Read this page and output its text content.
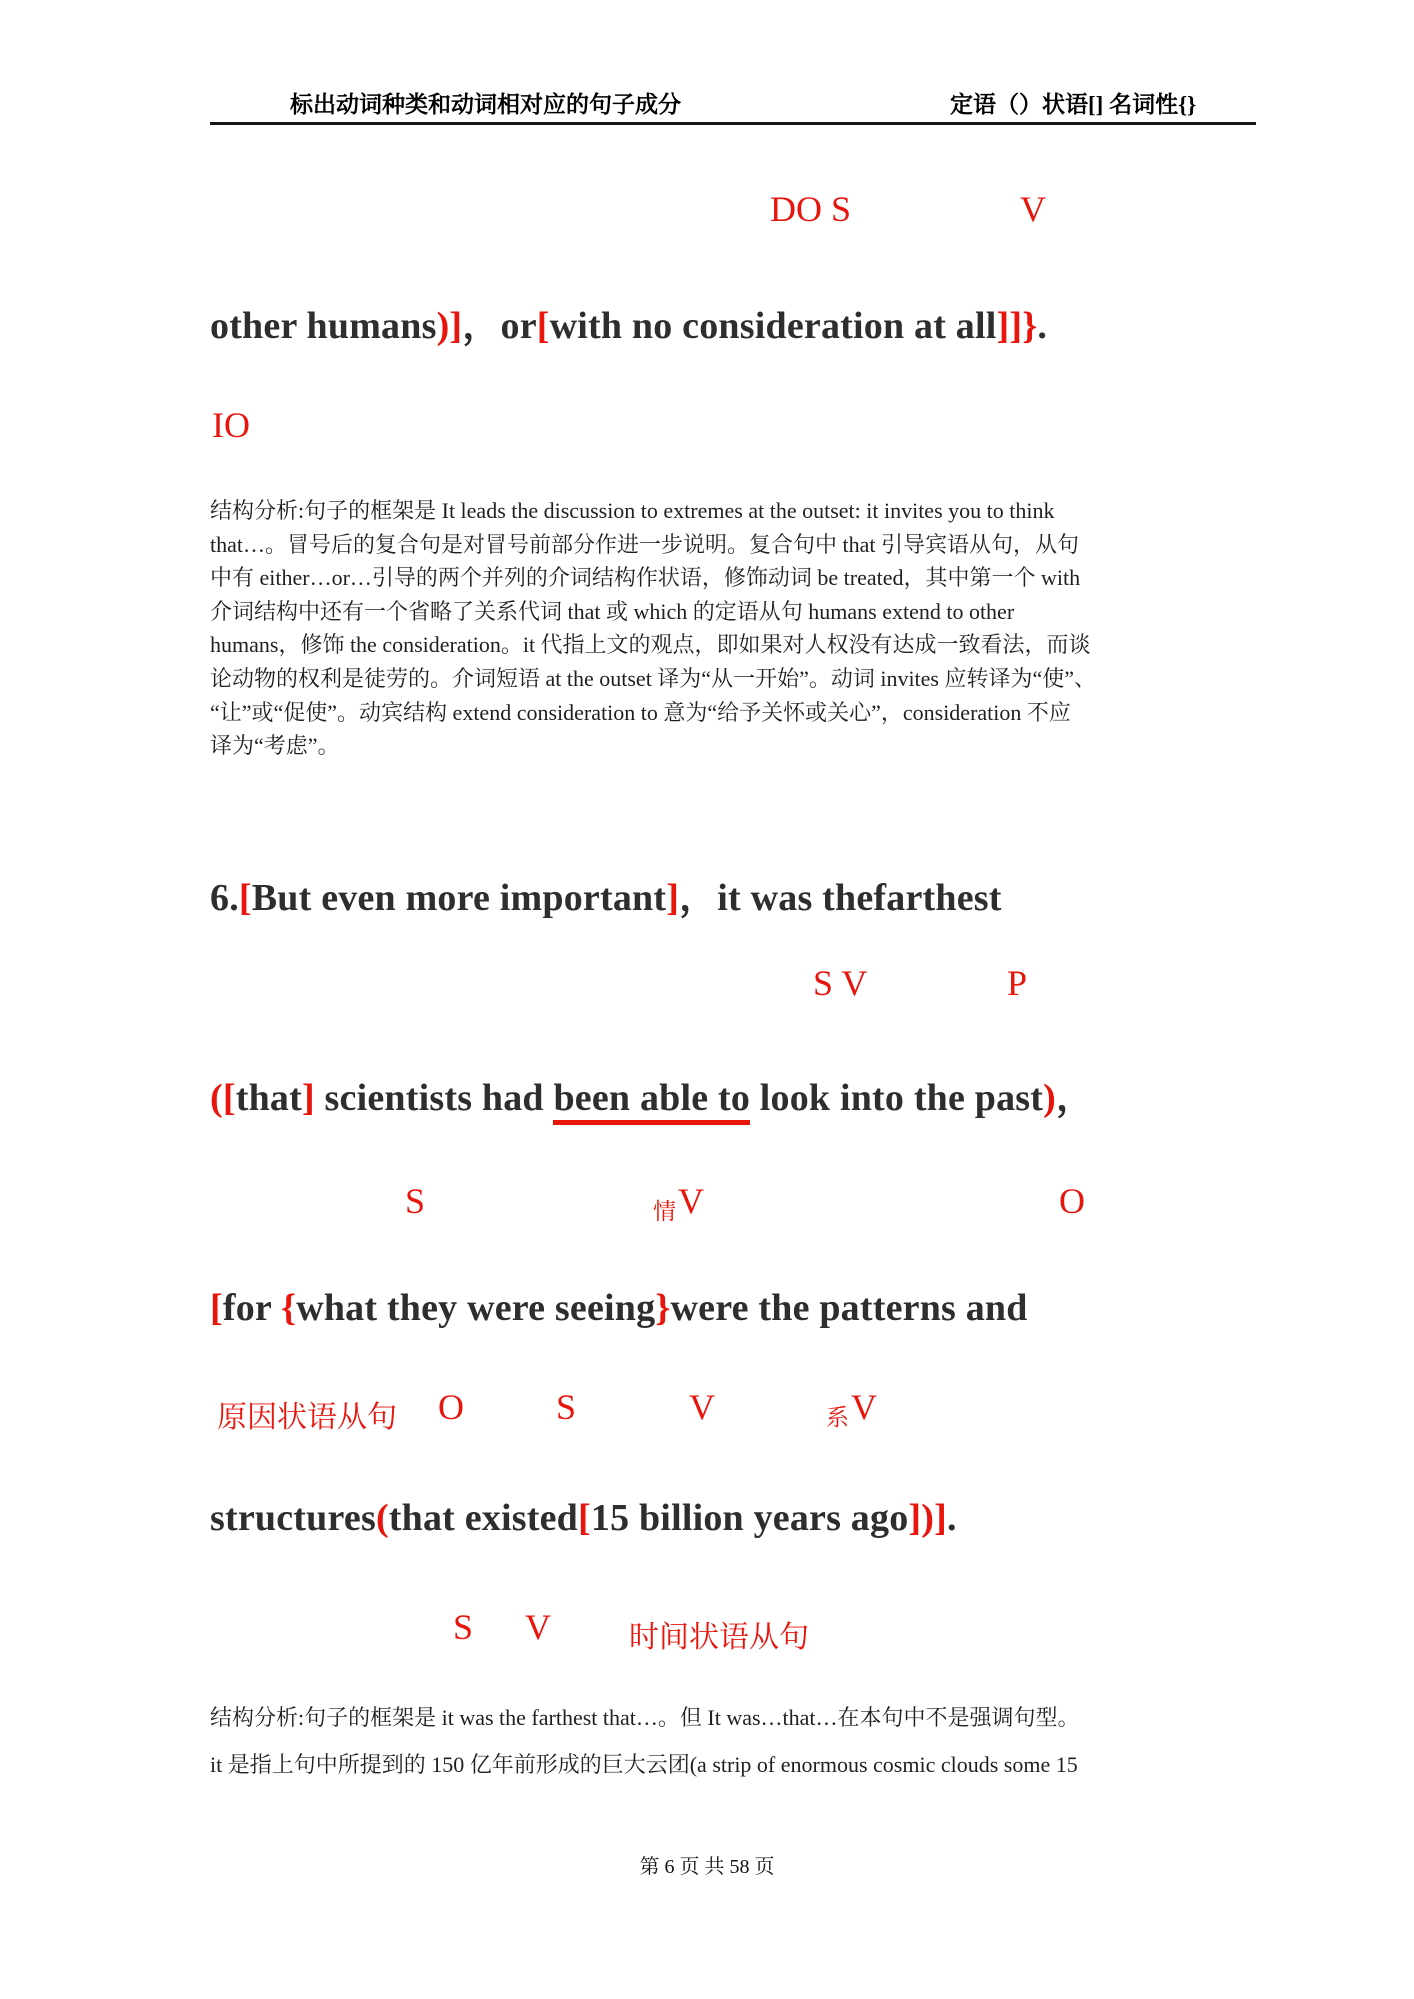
标出动词种类和动词相对应的句子成分	定语（）状语[] 名词性{}
DO S	V
other humans)]，or[with no consideration at all]]}.
IO
结构分析:句子的框架是 It leads the discussion to extremes at the outset: it invites you to think
that…。冒号后的复合句是对冒号前部分作进一步说明。复合句中 that 引导宾语从句，从句
中有 either…or…引导的两个并列的介词结构作状语，修饰动词 be treated，其中第一个 with
介词结构中还有一个省略了关系代词 that 或 which 的定语从句 humans extend to other
humans，修饰 the consideration。it 代指上文的观点，即如果对人权没有达成一致看法，而谈
论动物的权利是徒劳的。介词短语 at the outset 译为“从一开始”。动词 invites 应转译为“使”、
“让”或“促使”。动宾结构 extend consideration to 意为“给予关怀或关心”，consideration 不应
译为“考虑”。
6.[But even more important]，it was thefarthest
S V	P
([that] scientists had been able to look into the past)，
S	情 V	O
[for {what they were seeing}were the patterns and
原因状语从句 O	S	V	系 V
structures(that existed[15 billion years ago])].
S V	时间状语从句
结构分析:句子的框架是 it was the farthest that…。但 It was…that…在本句中不是强调句型。
it 是指上句中所提到的 150 亿年前形成的巨大云团(a strip of enormous cosmic clouds some 15
第 6 页 共 58 页
